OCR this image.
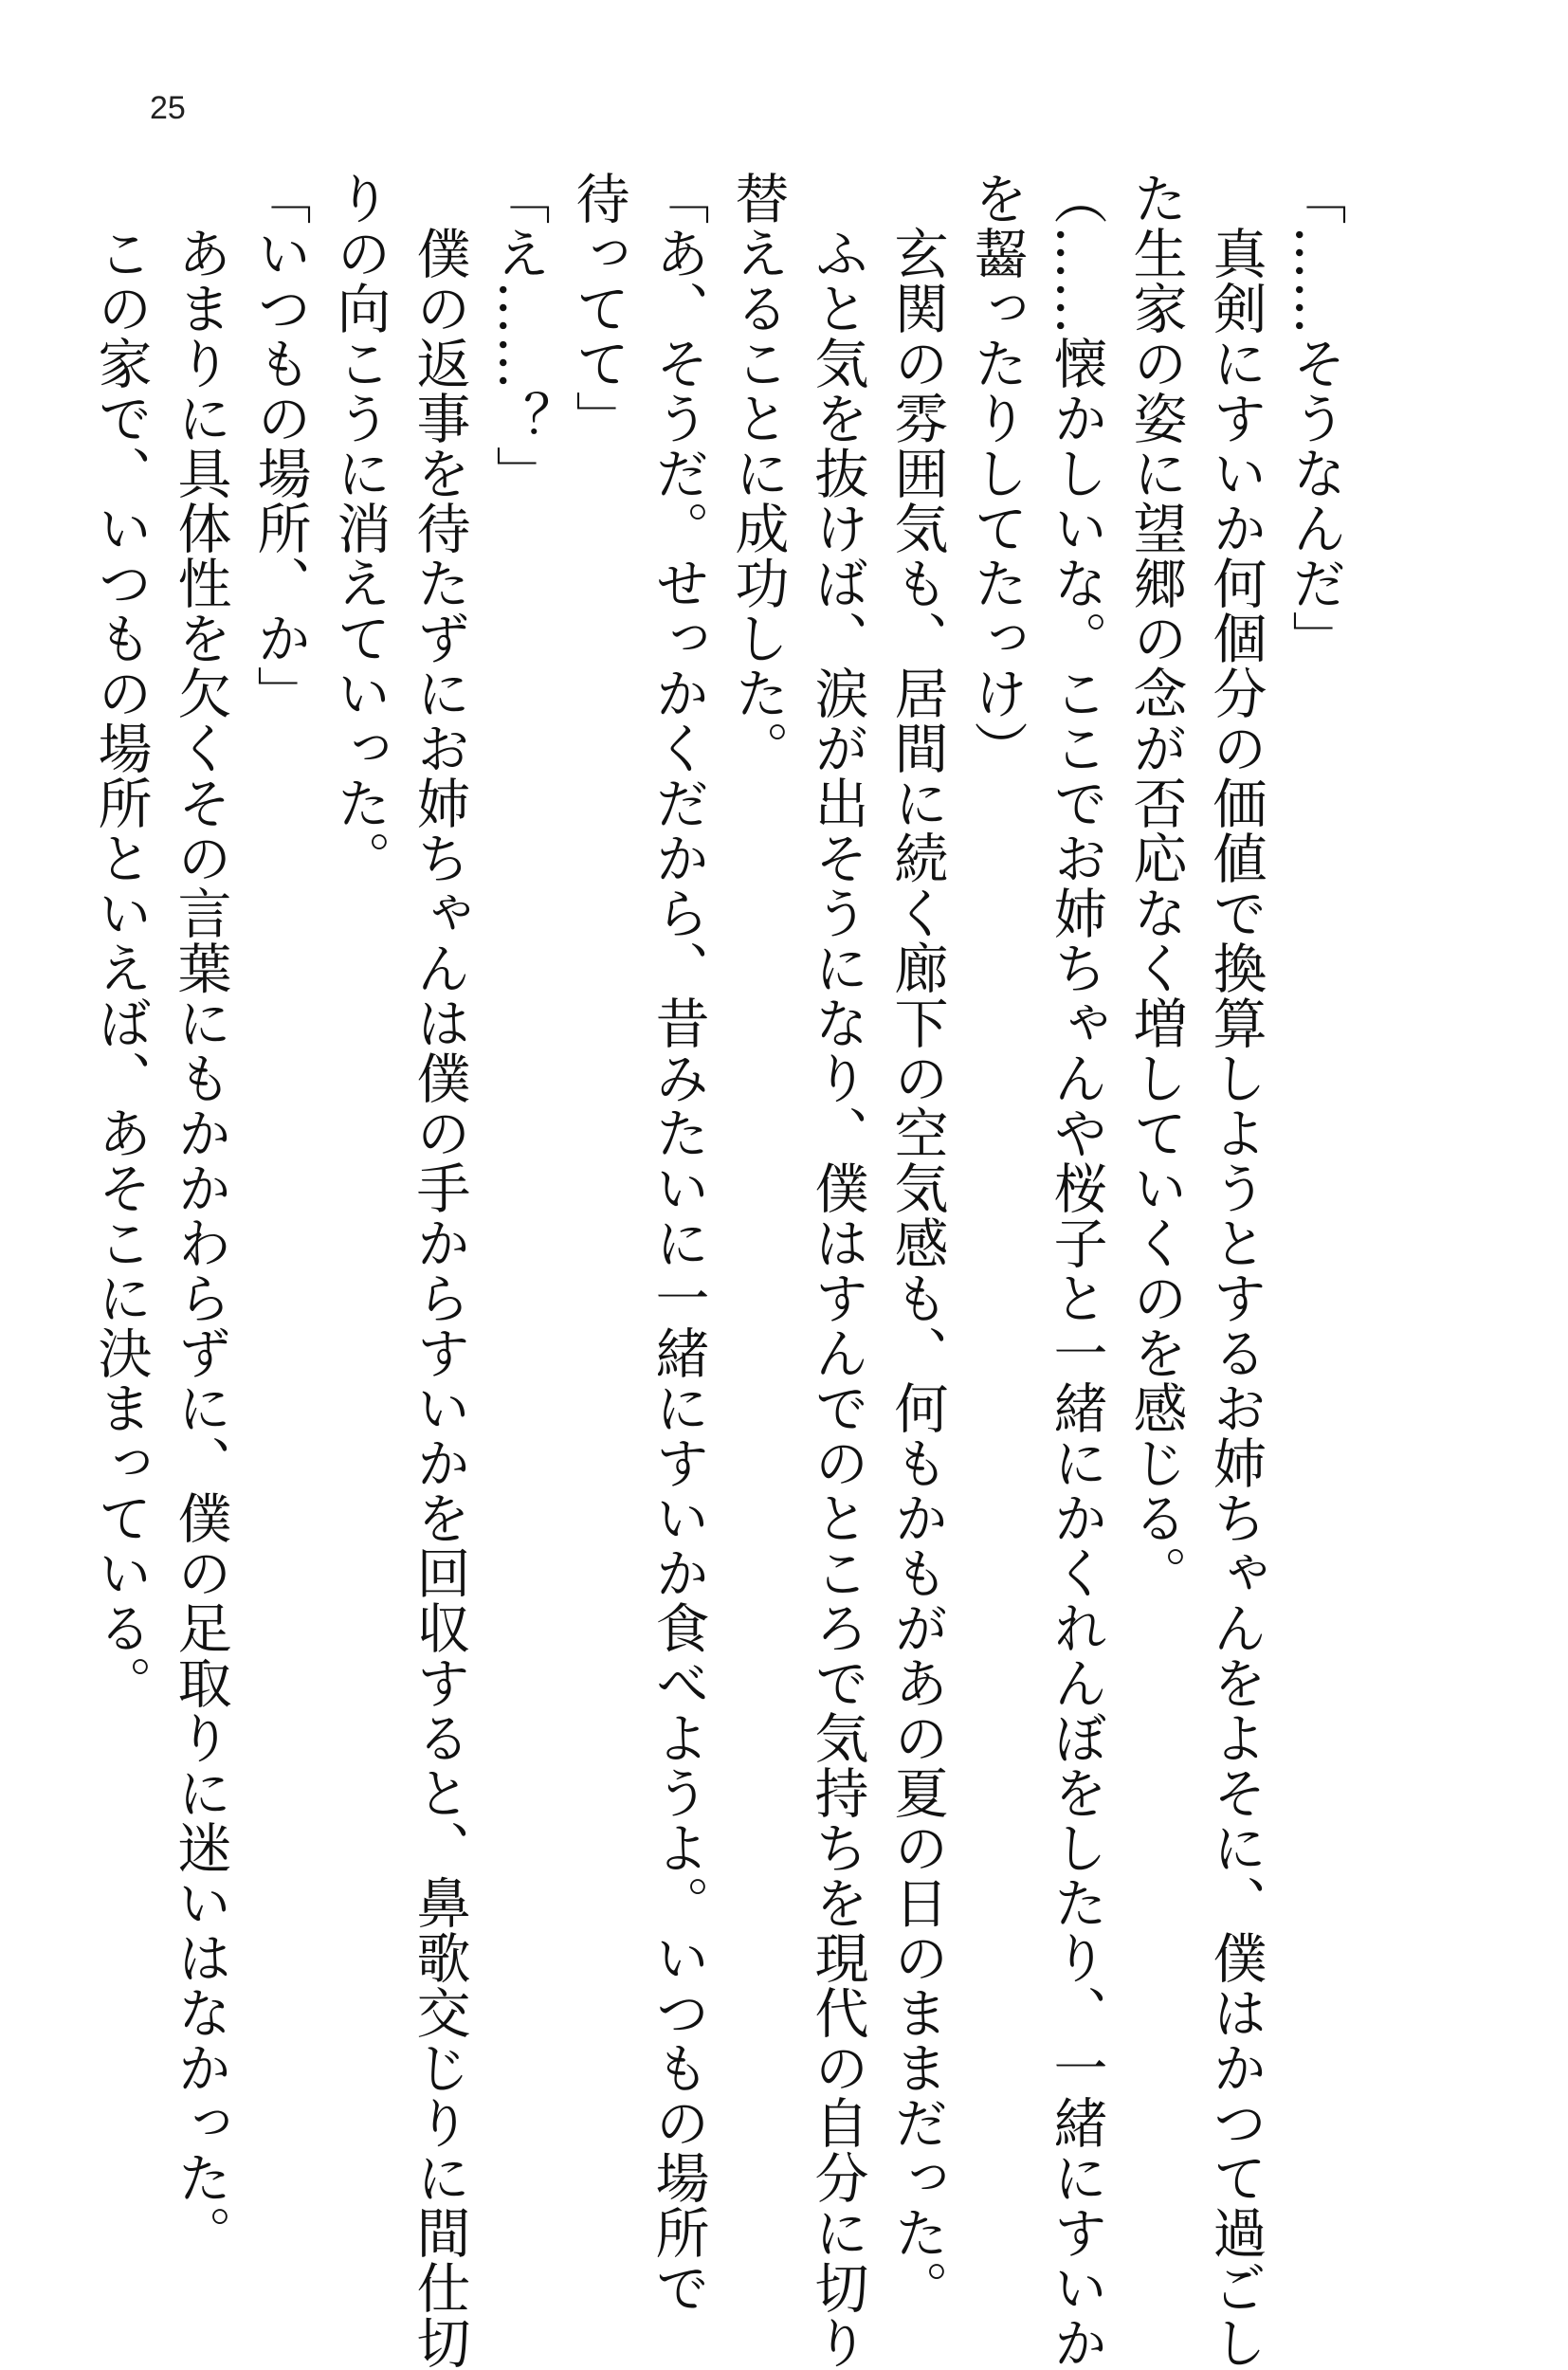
25
「……そうなんだ」
　真剣にすいか何個分の価値で換算しようとするお姉ちゃんをよそに、僕はかつて過ごし
た生家の姿に望郷の念が否応なく増していくのを感じる。
（……懐かしいな。ここでお姉ちゃんや桜子と一緒にかくれんぼをしたり、一緒にすいか
を齧ったりしてたっけ）
　玄関の雰囲気も、居間に続く廊下の空気感も、何もかもがあの夏の日のままだった。
　ふと気を抜けば、涙が出そうになり、僕はすんでのところで気持ちを現代の自分に切り
替えることに成功した。
「あ、そうだ。せっかくだから、昔みたいに一緒にすいか食べようよ。いつもの場所で
待ってて」
「え……？」
　僕の返事を待たずにお姉ちゃんは僕の手からすいかを回収すると、鼻歌交じりに間仕切
りの向こうに消えていった。
「いつもの場所、か」
　あまりに具体性を欠くその言葉にもかかわらずに、僕の足取りに迷いはなかった。
　この家で、いつもの場所といえば、あそこに決まっている。
